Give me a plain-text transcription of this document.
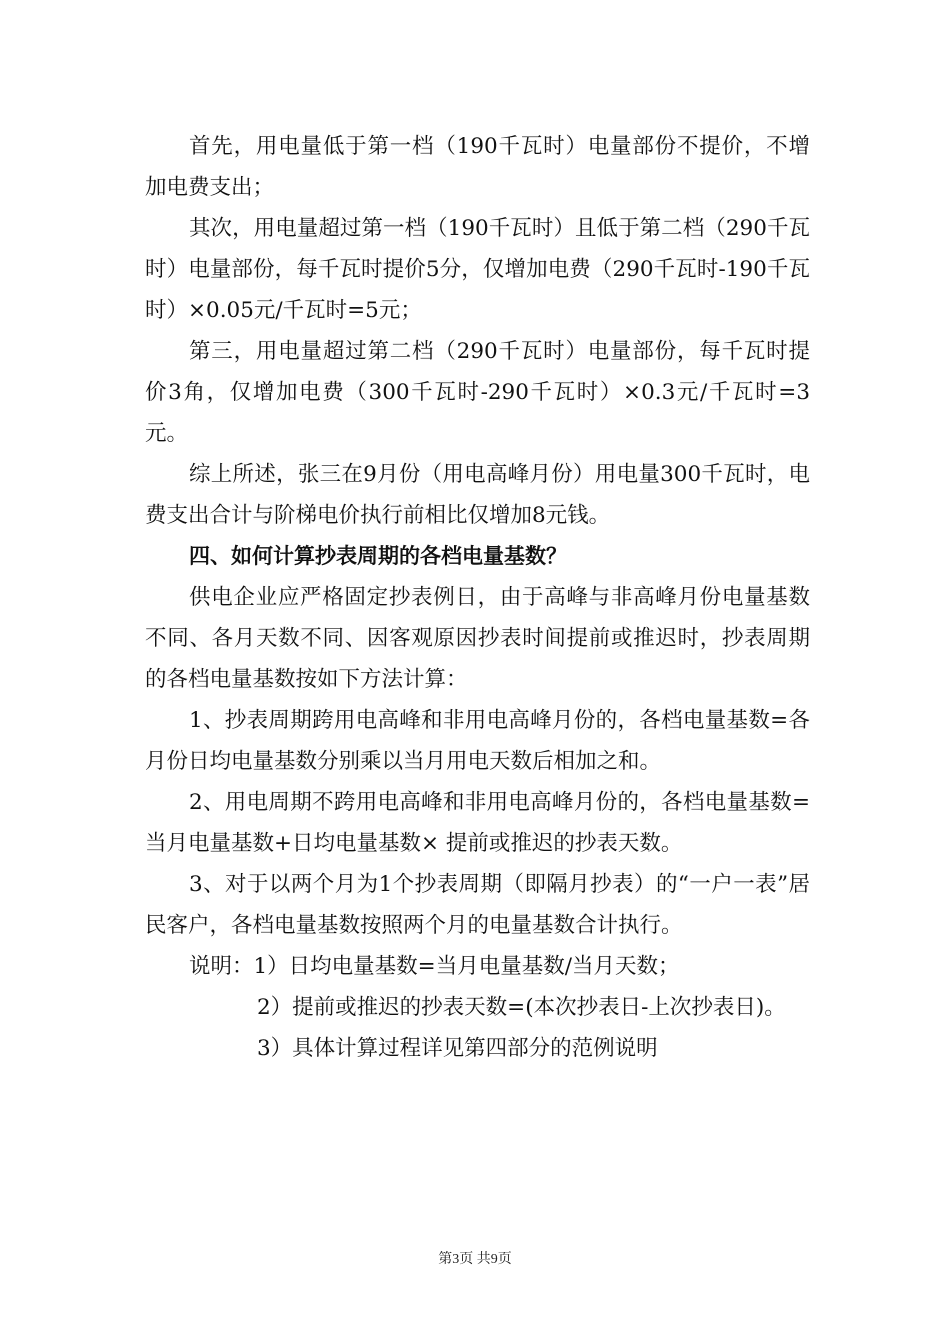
首先，用电量低于第一档（190千瓦时）电量部份不提价，不增加电费支出；

其次，用电量超过第一档（190千瓦时）且低于第二档（290千瓦时）电量部份，每千瓦时提价5分，仅增加电费（290千瓦时-190千瓦时）×0.05元/千瓦时=5元；

第三，用电量超过第二档（290千瓦时）电量部份，每千瓦时提价3角，仅增加电费（300千瓦时-290千瓦时）×0.3元/千瓦时=3元。

综上所述，张三在9月份（用电高峰月份）用电量300千瓦时，电费支出合计与阶梯电价执行前相比仅增加8元钱。

四、如何计算抄表周期的各档电量基数？

供电企业应严格固定抄表例日，由于高峰与非高峰月份电量基数不同、各月天数不同、因客观原因抄表时间提前或推迟时，抄表周期的各档电量基数按如下方法计算：

1、抄表周期跨用电高峰和非用电高峰月份的，各档电量基数=各月份日均电量基数分别乘以当月用电天数后相加之和。

2、用电周期不跨用电高峰和非用电高峰月份的，各档电量基数=当月电量基数+日均电量基数× 提前或推迟的抄表天数。

3、对于以两个月为1个抄表周期（即隔月抄表）的“一户一表”居民客户，各档电量基数按照两个月的电量基数合计执行。

说明：1）日均电量基数=当月电量基数/当月天数；

2）提前或推迟的抄表天数=(本次抄表日-上次抄表日)。

3）具体计算过程详见第四部分的范例说明

第3页 共9页
